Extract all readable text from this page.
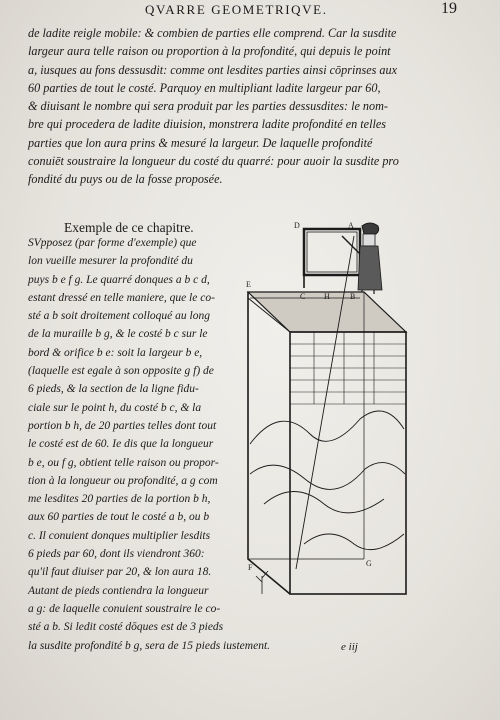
QVARRE GEOMETRIQVE.	19
de ladite reigle mobile: & combien de parties elle comprend. Car la susdite
largeur aura telle raison ou proportion à la profondité, qui depuis le point
a, iusques au fons dessusdit: comme ont lesdites parties ainsi cōprinses aux
60 parties de tout le costé. Parquoy en multipliant ladite largeur par 60,
& diuisant le nombre qui sera produit par les parties dessusdites: le nom-
bre qui procedera de ladite diuision, monstrera ladite profondité en telles
parties que lon aura prins & mesuré la largeur. De laquelle profondité
conuiēt soustraire la longueur du costé du quarré: pour auoir la susdite pro
fondité du puys ou de la fosse proposée.
Exemple de ce chapitre.
SVpposez (par forme d'exemple) que
lon vueille mesurer la profondité du
puys b e f g. Le quarré donques a b c d,
estant dressé en telle maniere, que le co-
sté a b soit droitement colloqué au long
de la muraille b g, & le costé b c sur le
bord & orifice b e: soit la largeur b e,
(laquelle est egale à son opposite g f) de
6 pieds, & la section de la ligne fidu-
ciale sur le point h, du costé b c, & la
portion b h, de 20 parties telles dont tout
le costé est de 60. Ie dis que la longueur
b e, ou f g, obtient telle raison ou propor-
tion à la longueur ou profondité, a g com
me lesdites 20 parties de la portion b h,
aux 60 parties de tout le costé a b, ou b
c. Il conuient donques multiplier lesdits
6 pieds par 60, dont ils viendront 360:
qu'il faut diuiser par 20, & lon aura 18.
Autant de pieds contiendra la longueur
a g: de laquelle conuient soustraire le co-
sté a b. Si ledit costé dōques est de 3 pieds
la susdite profondité b g, sera de 15 pieds iustement.
D	A
C H	B
E
F	G
e iij
